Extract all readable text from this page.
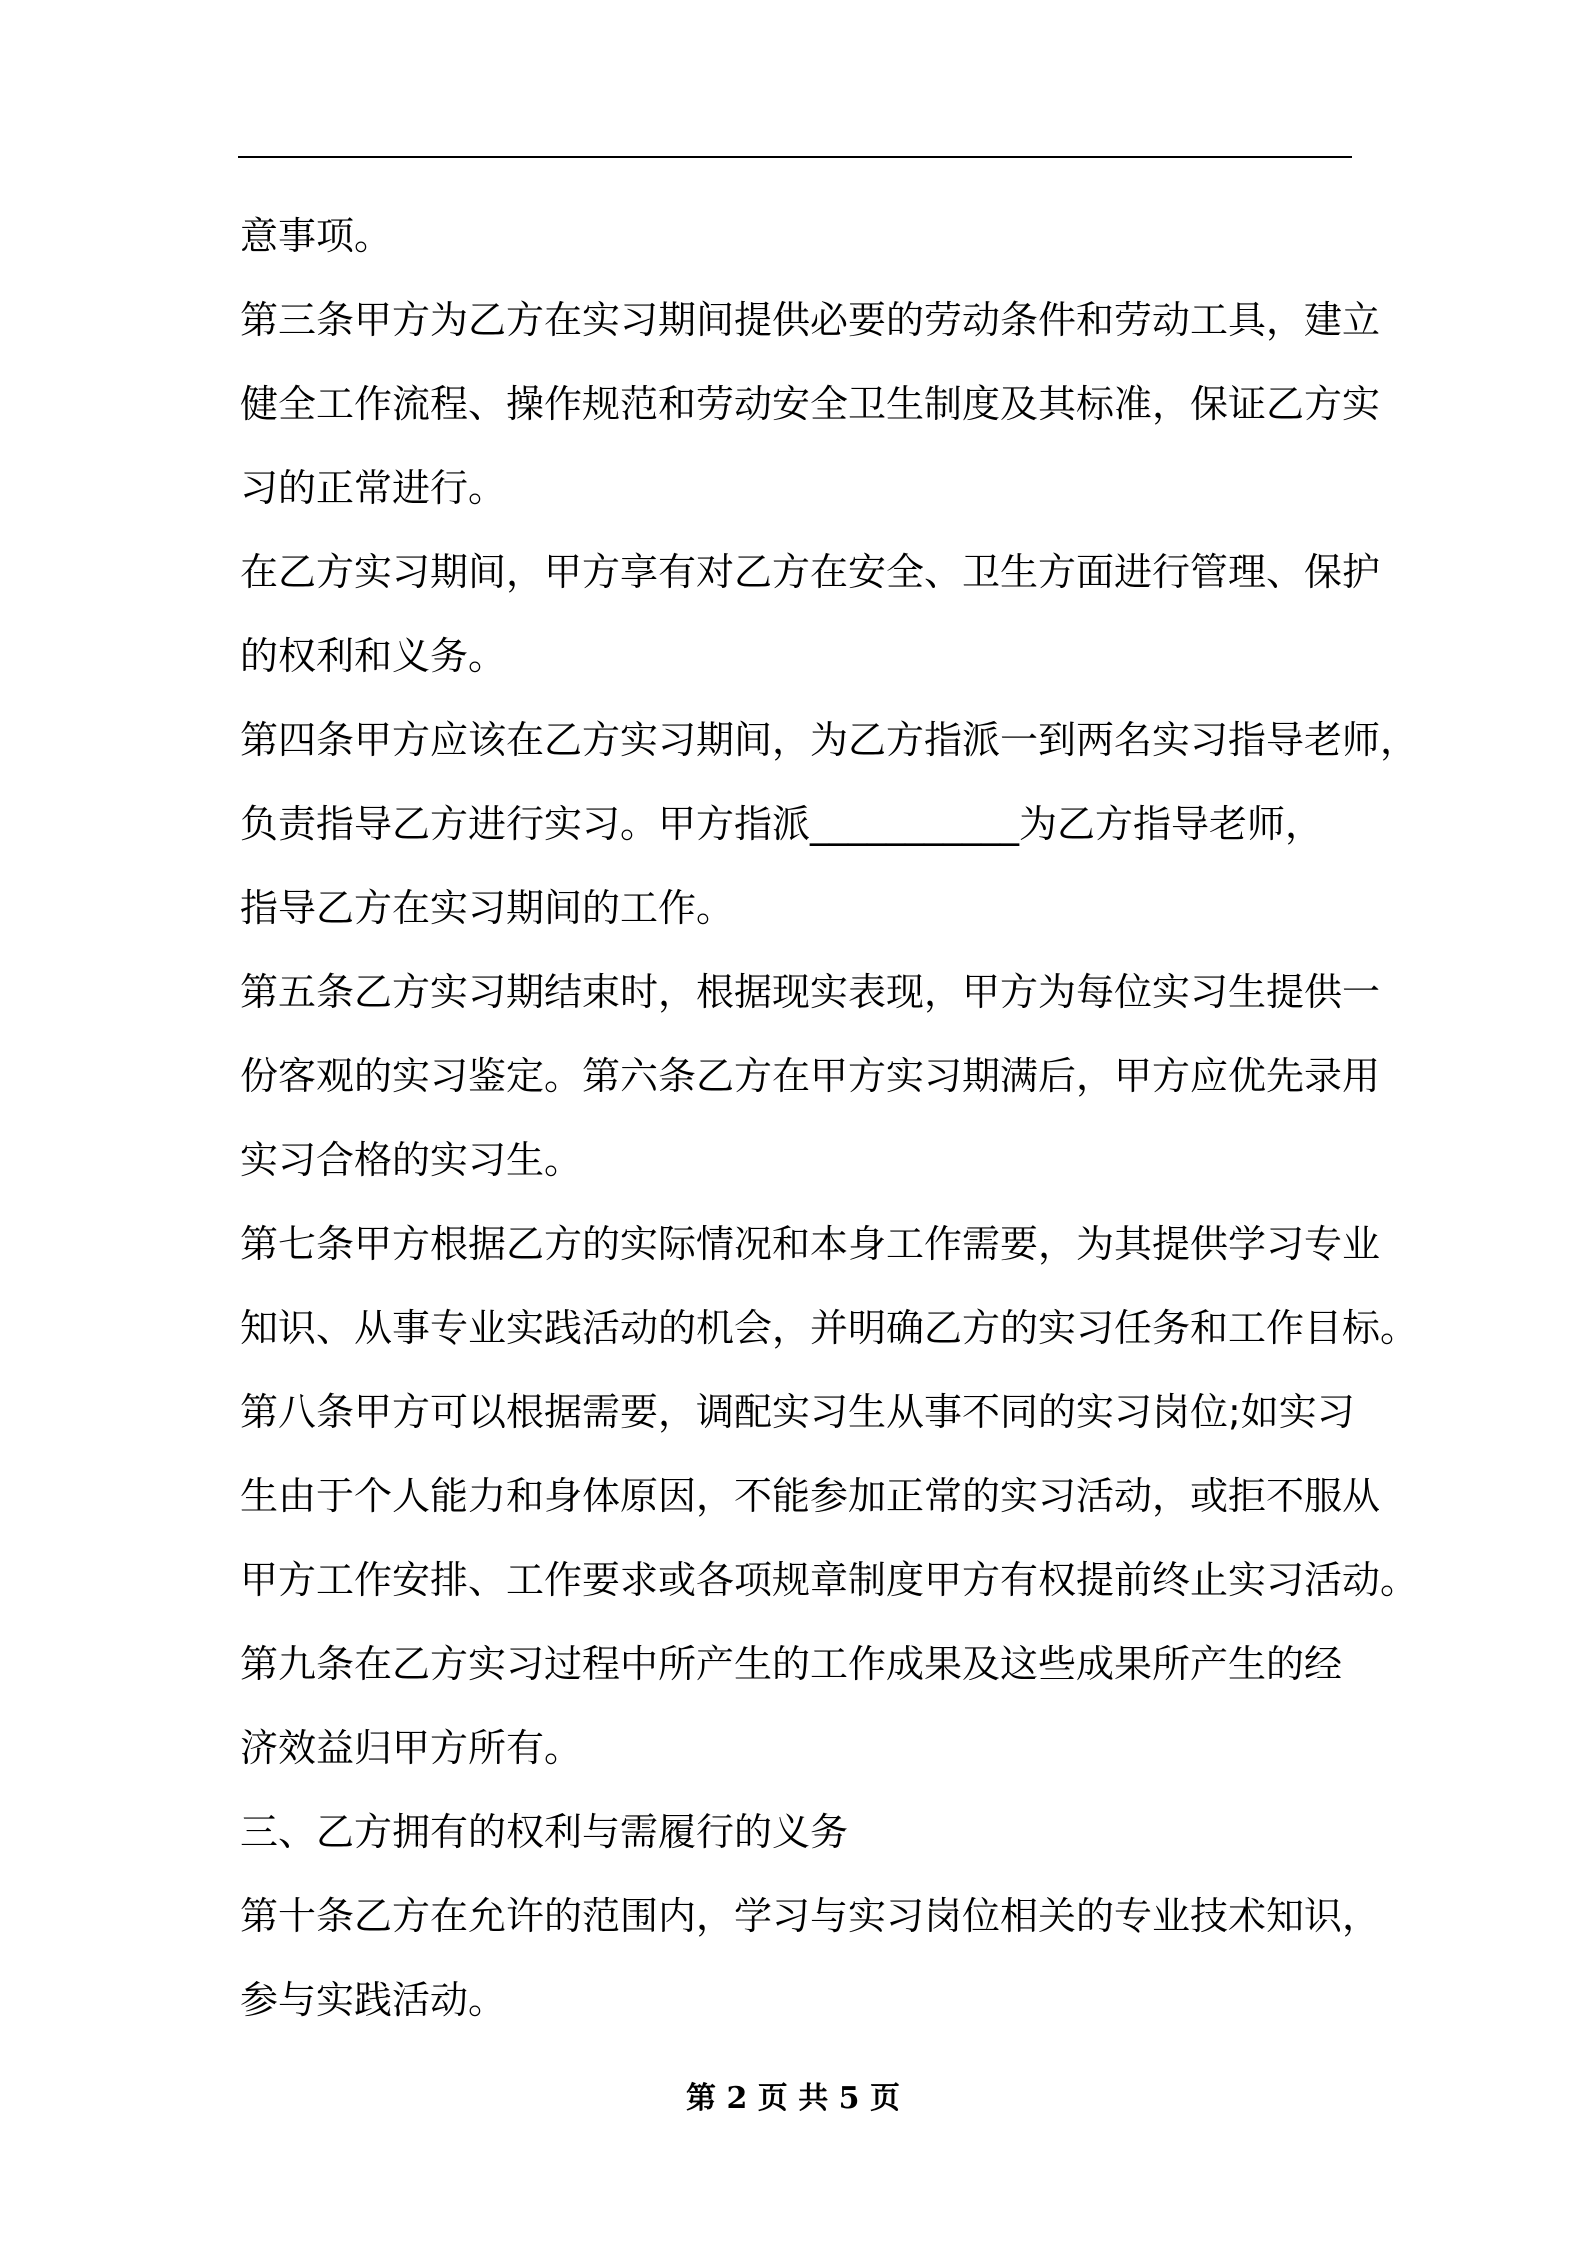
意事项。
第三条甲方为乙方在实习期间提供必要的劳动条件和劳动工具，建立
健全工作流程、操作规范和劳动安全卫生制度及其标准，保证乙方实
习的正常进行。
在乙方实习期间，甲方享有对乙方在安全、卫生方面进行管理、保护
的权利和义务。
第四条甲方应该在乙方实习期间，为乙方指派一到两名实习指导老师，
负责指导乙方进行实习。甲方指派___________为乙方指导老师，
指导乙方在实习期间的工作。
第五条乙方实习期结束时，根据现实表现，甲方为每位实习生提供一
份客观的实习鉴定。第六条乙方在甲方实习期满后，甲方应优先录用
实习合格的实习生。
第七条甲方根据乙方的实际情况和本身工作需要，为其提供学习专业
知识、从事专业实践活动的机会，并明确乙方的实习任务和工作目标。
第八条甲方可以根据需要，调配实习生从事不同的实习岗位;如实习
生由于个人能力和身体原因，不能参加正常的实习活动，或拒不服从
甲方工作安排、工作要求或各项规章制度甲方有权提前终止实习活动。
第九条在乙方实习过程中所产生的工作成果及这些成果所产生的经
济效益归甲方所有。
三、乙方拥有的权利与需履行的义务
第十条乙方在允许的范围内，学习与实习岗位相关的专业技术知识，
参与实践活动。
第 2 页 共 5 页
